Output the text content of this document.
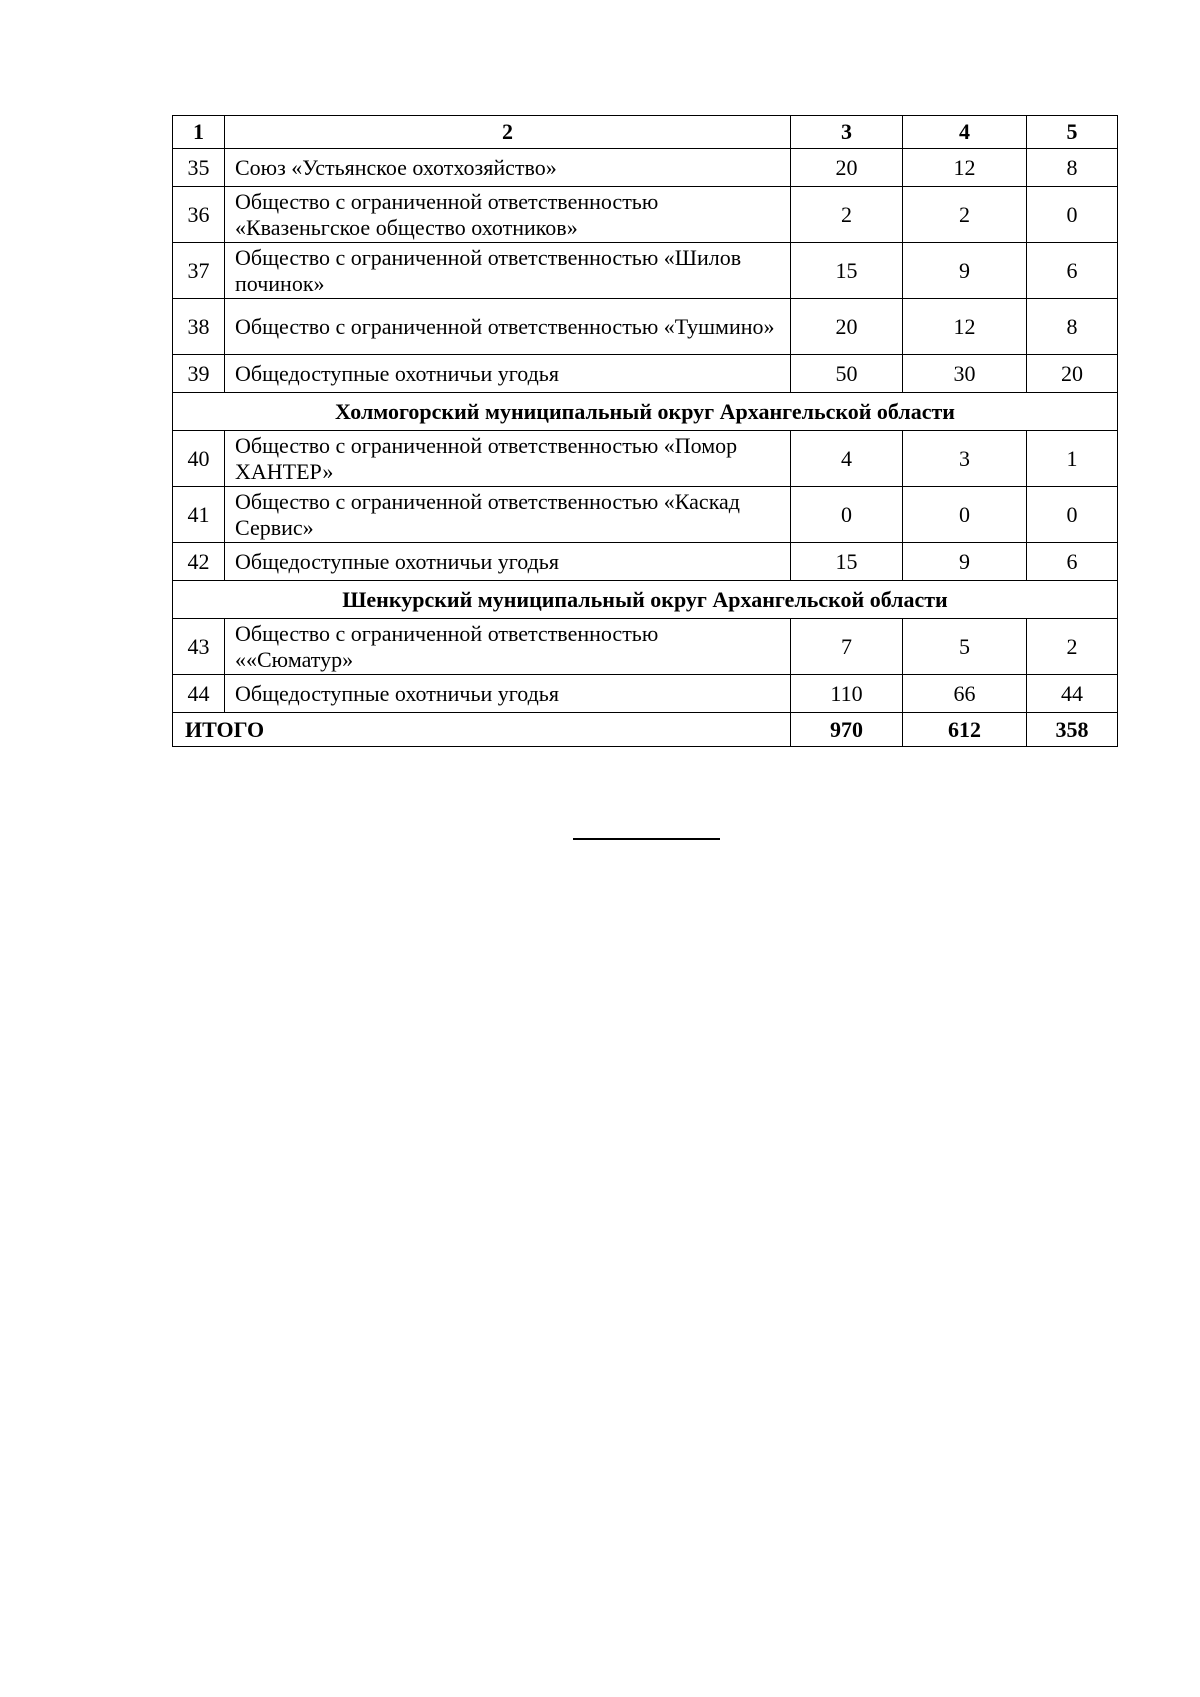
1	2	3	4	5
35	Союз «Устьянское охотхозяйство»	20	12	8
36	Общество с ограниченной ответственностью «Квазеньгское общество охотников»	2	2	0
37	Общество с ограниченной ответственностью «Шилов починок»	15	9	6
38	Общество с ограниченной ответственностью «Тушмино»	20	12	8
39	Общедоступные охотничьи угодья	50	30	20
Холмогорский муниципальный округ Архангельской области				
40	Общество с ограниченной ответственностью «Помор ХАНТЕР»	4	3	1
41	Общество с ограниченной ответственностью «Каскад Сервис»	0	0	0
42	Общедоступные охотничьи угодья	15	9	6
Шенкурский муниципальный округ Архангельской области				
43	Общество с ограниченной ответственностью ««Сюматур»	7	5	2
44	Общедоступные охотничьи угодья	110	66	44
ИТОГО		970	612	358
